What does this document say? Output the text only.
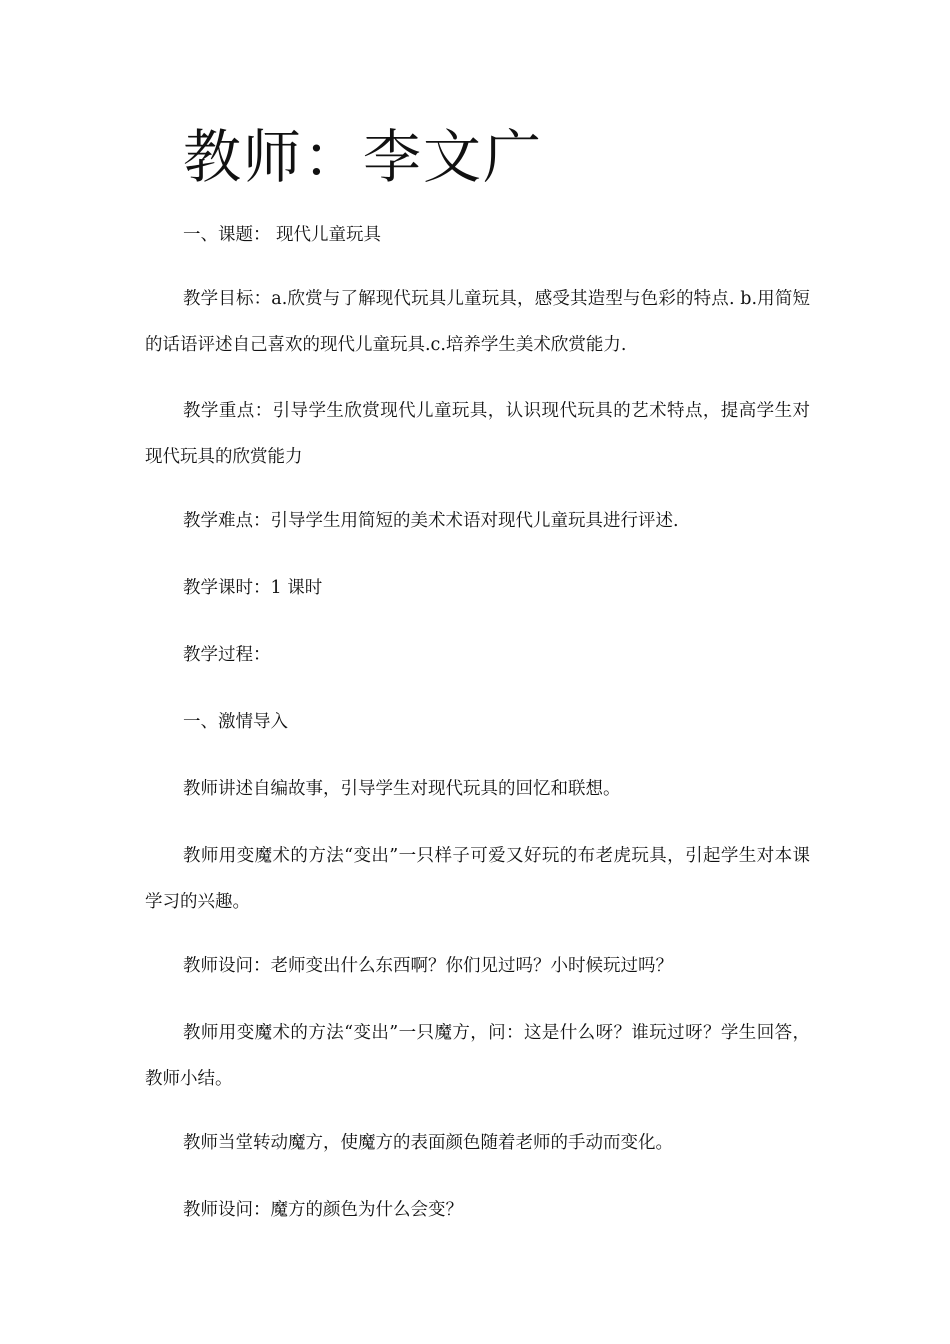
教师：李文广

一、课题： 现代儿童玩具

教学目标：a.欣赏与了解现代玩具儿童玩具，感受其造型与色彩的特点. b.用简短的话语评述自己喜欢的现代儿童玩具.c.培养学生美术欣赏能力.

教学重点：引导学生欣赏现代儿童玩具，认识现代玩具的艺术特点，提高学生对现代玩具的欣赏能力

教学难点：引导学生用简短的美术术语对现代儿童玩具进行评述.

教学课时：1 课时

教学过程：

一、激情导入

教师讲述自编故事，引导学生对现代玩具的回忆和联想。

教师用变魔术的方法“变出”一只样子可爱又好玩的布老虎玩具，引起学生对本课学习的兴趣。

教师设问：老师变出什么东西啊？你们见过吗？小时候玩过吗？

教师用变魔术的方法“变出”一只魔方，问：这是什么呀？谁玩过呀？学生回答，教师小结。

教师当堂转动魔方，使魔方的表面颜色随着老师的手动而变化。

教师设问：魔方的颜色为什么会变？
